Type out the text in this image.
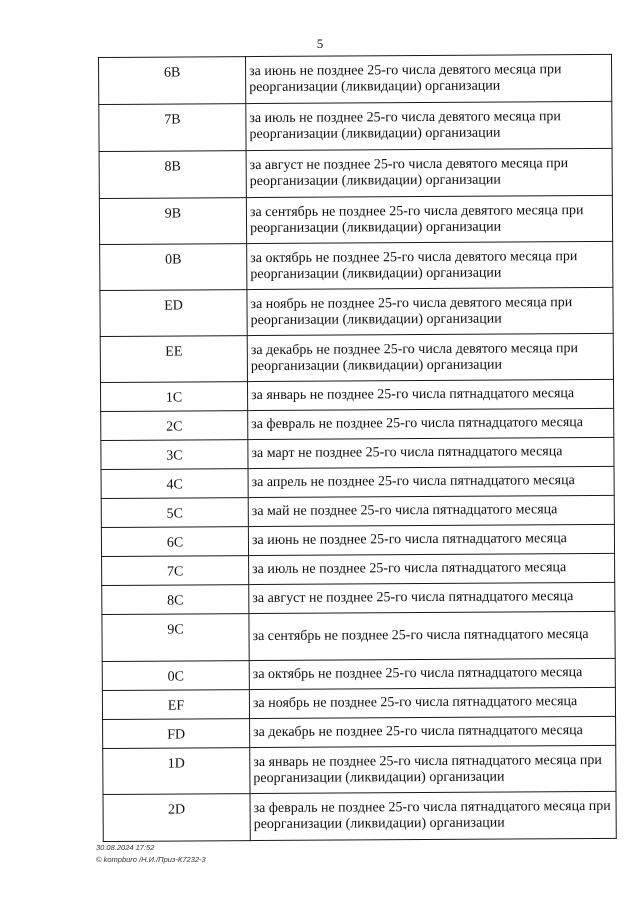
5
6B	за июнь не позднее 25-го числа девятого месяца при реорганизации (ликвидации) организации
7B	за июль не позднее 25-го числа девятого месяца при реорганизации (ликвидации) организации
8B	за август не позднее 25-го числа девятого месяца при реорганизации (ликвидации) организации
9B	за сентябрь не позднее 25-го числа девятого месяца при реорганизации (ликвидации) организации
0B	за октябрь не позднее 25-го числа девятого месяца при реорганизации (ликвидации) организации
ED	за ноябрь не позднее 25-го числа девятого месяца при реорганизации (ликвидации) организации
EE	за декабрь не позднее 25-го числа девятого месяца при реорганизации (ликвидации) организации
1C	за январь не позднее 25-го числа пятнадцатого месяца
2C	за февраль не позднее 25-го числа пятнадцатого месяца
3C	за март не позднее 25-го числа пятнадцатого месяца
4C	за апрель не позднее 25-го числа пятнадцатого месяца
5C	за май не позднее 25-го числа пятнадцатого месяца
6C	за июнь не позднее 25-го числа пятнадцатого месяца
7C	за июль не позднее 25-го числа пятнадцатого месяца
8C	за август не позднее 25-го числа пятнадцатого месяца
9C	за сентябрь не позднее 25-го числа пятнадцатого месяца
0C	за октябрь не позднее 25-го числа пятнадцатого месяца
EF	за ноябрь не позднее 25-го числа пятнадцатого месяца
FD	за декабрь не позднее 25-го числа пятнадцатого месяца
1D	за январь не позднее 25-го числа пятнадцатого месяца при реорганизации (ликвидации) организации
2D	за февраль не позднее 25-го числа пятнадцатого месяца при реорганизации (ликвидации) организации
30.08.2024 17:52
© kompburo /Н.И./Приз-К7232-3
